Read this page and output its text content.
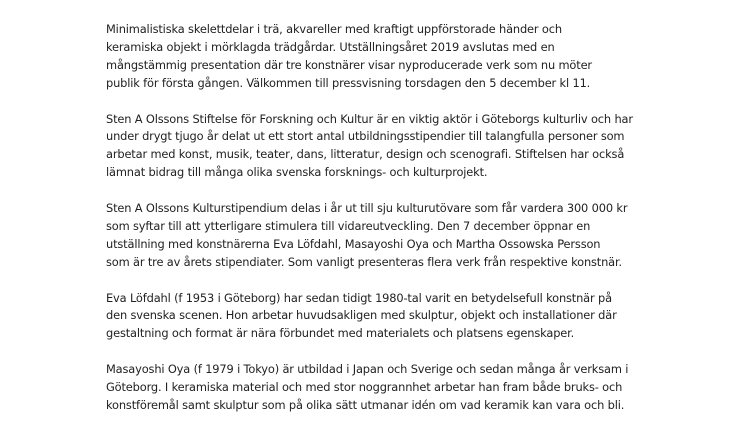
Minimalistiska skelettdelar i trä, akvareller med kraftigt uppförstorade händer och
keramiska objekt i mörklagda trädgårdar. Utställningsåret 2019 avslutas med en
mångstämmig presentation där tre konstnärer visar nyproducerade verk som nu möter
publik för första gången. Välkommen till pressvisning torsdagen den 5 december kl 11.

Sten A Olssons Stiftelse för Forskning och Kultur är en viktig aktör i Göteborgs kulturliv och har
under drygt tjugo år delat ut ett stort antal utbildningsstipendier till talangfulla personer som
arbetar med konst, musik, teater, dans, litteratur, design och scenografi. Stiftelsen har också
lämnat bidrag till många olika svenska forsknings- och kulturprojekt.

Sten A Olssons Kulturstipendium delas i år ut till sju kulturutövare som får vardera 300 000 kr
som syftar till att ytterligare stimulera till vidareutveckling. Den 7 december öppnar en
utställning med konstnärerna Eva Löfdahl, Masayoshi Oya och Martha Ossowska Persson
som är tre av årets stipendiater. Som vanligt presenteras flera verk från respektive konstnär.

Eva Löfdahl (f 1953 i Göteborg) har sedan tidigt 1980-tal varit en betydelsefull konstnär på
den svenska scenen. Hon arbetar huvudsakligen med skulptur, objekt och installationer där
gestaltning och format är nära förbundet med materialets och platsens egenskaper.

Masayoshi Oya (f 1979 i Tokyo) är utbildad i Japan och Sverige och sedan många år verksam i
Göteborg. I keramiska material och med stor noggrannhet arbetar han fram både bruks- och
konstföremål samt skulptur som på olika sätt utmanar idén om vad keramik kan vara och bli.
